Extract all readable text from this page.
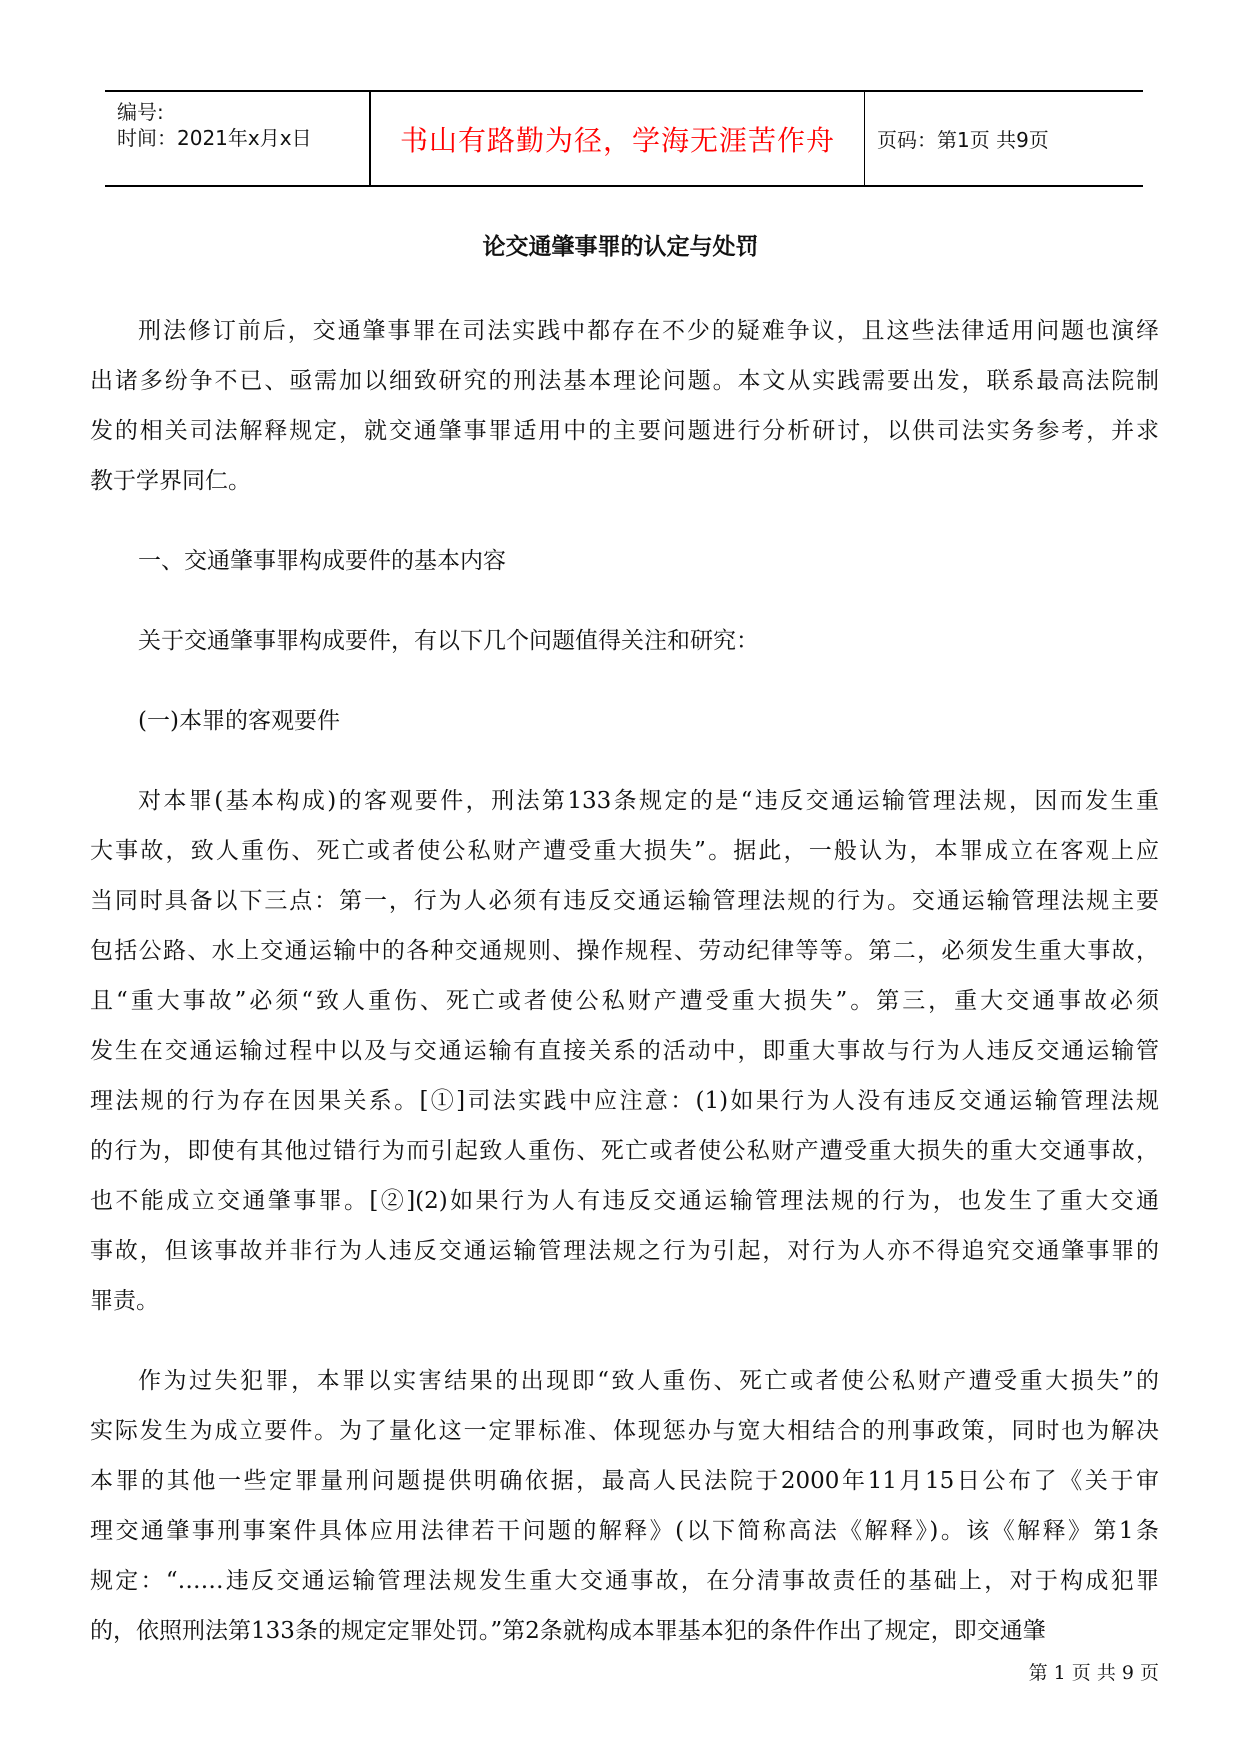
编号:
时间：2021年x月x日	书山有路勤为径，学海无涯苦作舟 页码：第1页 共9页
论交通肇事罪的认定与处罚
刑法修订前后，交通肇事罪在司法实践中都存在不少的疑难争议，且这些法律适用问题也演绎
出诸多纷争不已、亟需加以细致研究的刑法基本理论问题。本文从实践需要出发，联系最高法院制
发的相关司法解释规定，就交通肇事罪适用中的主要问题进行分析研讨，以供司法实务参考，并求
教于学界同仁。
一、交通肇事罪构成要件的基本内容
关于交通肇事罪构成要件，有以下几个问题值得关注和研究：
(一)本罪的客观要件
对本罪(基本构成)的客观要件，刑法第133条规定的是“违反交通运输管理法规，因而发生重
大事故，致人重伤、死亡或者使公私财产遭受重大损失”。据此，一般认为，本罪成立在客观上应
当同时具备以下三点：第一，行为人必须有违反交通运输管理法规的行为。交通运输管理法规主要
包括公路、水上交通运输中的各种交通规则、操作规程、劳动纪律等等。第二，必须发生重大事故，
且“重大事故”必须“致人重伤、死亡或者使公私财产遭受重大损失”。第三，重大交通事故必须
发生在交通运输过程中以及与交通运输有直接关系的活动中，即重大事故与行为人违反交通运输管
理法规的行为存在因果关系。[①]司法实践中应注意：(1)如果行为人没有违反交通运输管理法规
的行为，即使有其他过错行为而引起致人重伤、死亡或者使公私财产遭受重大损失的重大交通事故，
也不能成立交通肇事罪。[②](2)如果行为人有违反交通运输管理法规的行为，也发生了重大交通
事故，但该事故并非行为人违反交通运输管理法规之行为引起，对行为人亦不得追究交通肇事罪的
罪责。
作为过失犯罪，本罪以实害结果的出现即“致人重伤、死亡或者使公私财产遭受重大损失”的
实际发生为成立要件。为了量化这一定罪标准、体现惩办与宽大相结合的刑事政策，同时也为解决
本罪的其他一些定罪量刑问题提供明确依据，最高人民法院于2000年11月15日公布了《关于审
理交通肇事刑事案件具体应用法律若干问题的解释》(以下简称高法《解释》)。该《解释》第1条
规定：“……违反交通运输管理法规发生重大交通事故，在分清事故责任的基础上，对于构成犯罪
的，依照刑法第133条的规定定罪处罚。”第2条就构成本罪基本犯的条件作出了规定，即交通肇
第 1 页 共 9 页
